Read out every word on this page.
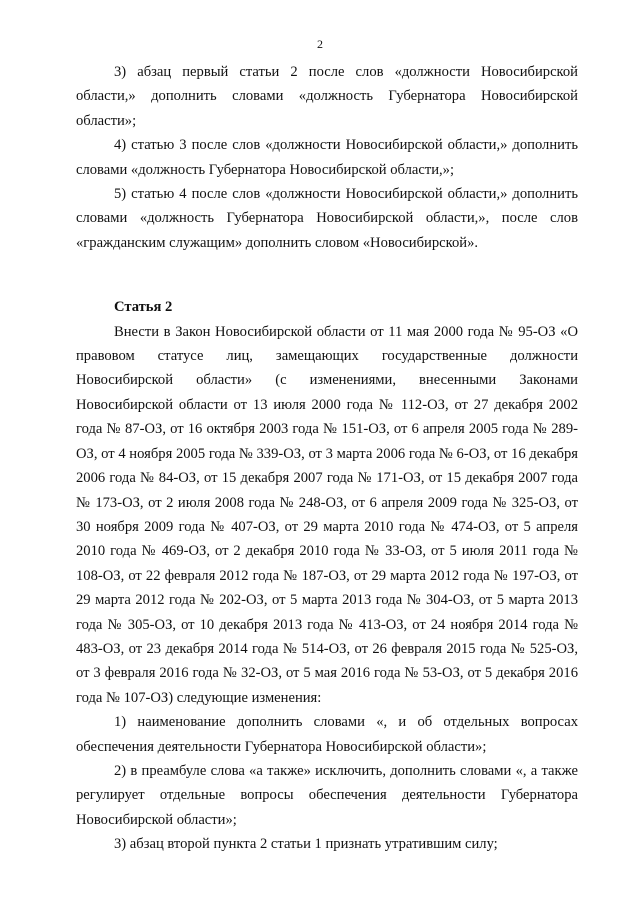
2

3) абзац первый статьи 2 после слов «должности Новосибирской области,» дополнить словами «должность Губернатора Новосибирской области»;

4) статью 3 после слов «должности Новосибирской области,» дополнить словами «должность Губернатора Новосибирской области,»;

5) статью 4 после слов «должности Новосибирской области,» дополнить словами «должность Губернатора Новосибирской области,», после слов «гражданским служащим» дополнить словом «Новосибирской».

Статья 2

Внести в Закон Новосибирской области от 11 мая 2000 года № 95-ОЗ «О правовом статусе лиц, замещающих государственные должности Новосибирской области» (с изменениями, внесенными Законами Новосибирской области от 13 июля 2000 года № 112-ОЗ, от 27 декабря 2002 года № 87-ОЗ, от 16 октября 2003 года № 151-ОЗ, от 6 апреля 2005 года № 289-ОЗ, от 4 ноября 2005 года № 339-ОЗ, от 3 марта 2006 года № 6-ОЗ, от 16 декабря 2006 года № 84-ОЗ, от 15 декабря 2007 года № 171-ОЗ, от 15 декабря 2007 года № 173-ОЗ, от 2 июля 2008 года № 248-ОЗ, от 6 апреля 2009 года № 325-ОЗ, от 30 ноября 2009 года № 407-ОЗ, от 29 марта 2010 года № 474-ОЗ, от 5 апреля 2010 года № 469-ОЗ, от 2 декабря 2010 года № 33-ОЗ, от 5 июля 2011 года № 108-ОЗ, от 22 февраля 2012 года № 187-ОЗ, от 29 марта 2012 года № 197-ОЗ, от 29 марта 2012 года № 202-ОЗ, от 5 марта 2013 года № 304-ОЗ, от 5 марта 2013 года № 305-ОЗ, от 10 декабря 2013 года № 413-ОЗ, от 24 ноября 2014 года № 483-ОЗ, от 23 декабря 2014 года № 514-ОЗ, от 26 февраля 2015 года № 525-ОЗ, от 3 февраля 2016 года № 32-ОЗ, от 5 мая 2016 года № 53-ОЗ, от 5 декабря 2016 года № 107-ОЗ) следующие изменения:

1) наименование дополнить словами «, и об отдельных вопросах обеспечения деятельности Губернатора Новосибирской области»;

2) в преамбуле слова «а также» исключить, дополнить словами «, а также регулирует отдельные вопросы обеспечения деятельности Губернатора Новосибирской области»;

3) абзац второй пункта 2 статьи 1 признать утратившим силу;
